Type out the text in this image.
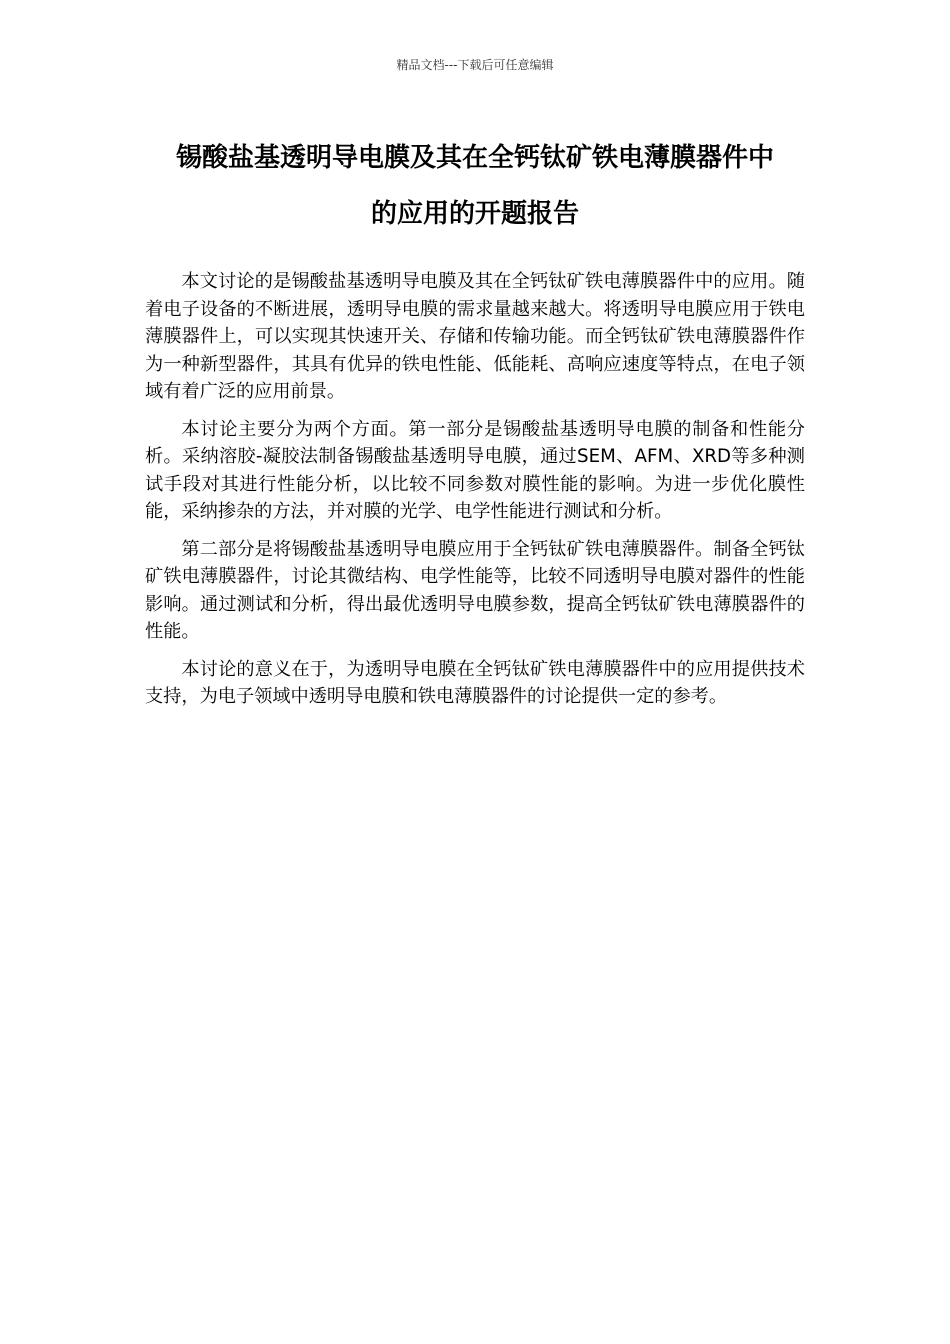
精品文档---下载后可任意编辑
锡酸盐基透明导电膜及其在全钙钛矿铁电薄膜器件中
的应用的开题报告

本文讨论的是锡酸盐基透明导电膜及其在全钙钛矿铁电薄膜器件中的应用。随着电子设备的不断进展，透明导电膜的需求量越来越大。将透明导电膜应用于铁电薄膜器件上，可以实现其快速开关、存储和传输功能。而全钙钛矿铁电薄膜器件作为一种新型器件，其具有优异的铁电性能、低能耗、高响应速度等特点，在电子领域有着广泛的应用前景。

本讨论主要分为两个方面。第一部分是锡酸盐基透明导电膜的制备和性能分析。采纳溶胶-凝胶法制备锡酸盐基透明导电膜，通过SEM、AFM、XRD等多种测试手段对其进行性能分析，以比较不同参数对膜性能的影响。为进一步优化膜性能，采纳掺杂的方法，并对膜的光学、电学性能进行测试和分析。

第二部分是将锡酸盐基透明导电膜应用于全钙钛矿铁电薄膜器件。制备全钙钛矿铁电薄膜器件，讨论其微结构、电学性能等，比较不同透明导电膜对器件的性能影响。通过测试和分析，得出最优透明导电膜参数，提高全钙钛矿铁电薄膜器件的性能。

本讨论的意义在于，为透明导电膜在全钙钛矿铁电薄膜器件中的应用提供技术支持，为电子领域中透明导电膜和铁电薄膜器件的讨论提供一定的参考。
